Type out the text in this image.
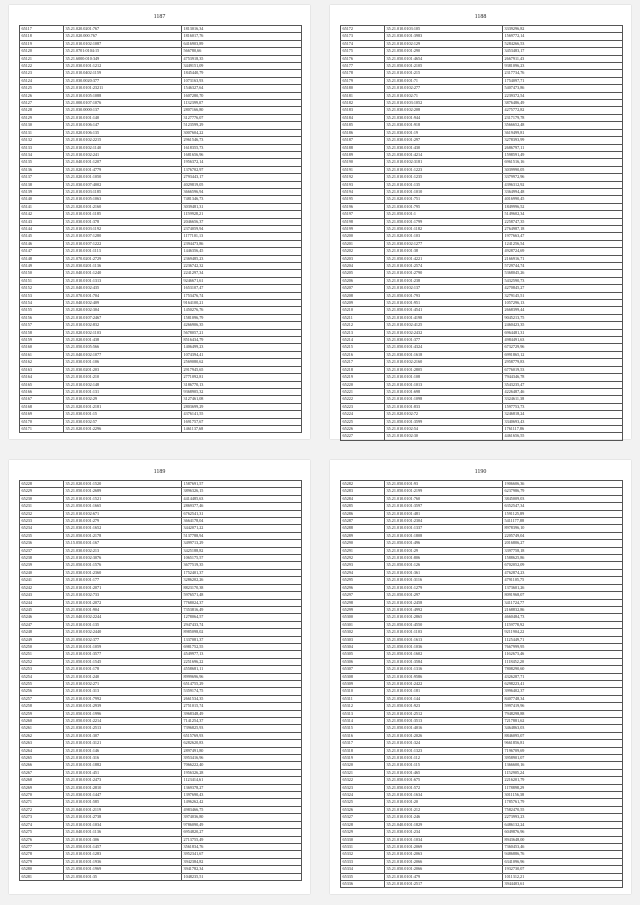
1187
65117	35.21.020.0201:767	1813016,34
65118	35.21.020.000.767	1816017,76
65119	35.21.010.0102:1087	6416903,89
65120	35.21.0701:0104:15	566780,66
65121	35.21.6000:010:349	4753918,35
65122	35.21.030.0101:1212	3449151,09
65123	35.21.010.0402:1159	1845440,79
65124	35.21.030.0020:377	1073163,93
65125	35.21.010.0101:23211	1546327,64
65126	35.21.010.0105:1088	1607280,70
65127	35.21.000.0107:1076	1132399,07
65128	35.21.030.0000:137	2807166,80
65129	35.21.010.0101:140	3127776,07
65130	35.21.010.0106:147	5123599,29
65131	35.21.020.0106:135	3007604,22
65132	35.21.010.0102:2215	2961546,73
65133	35.21.010.0102:1140	1618355,73
65134	35.21.010.0102:241	1681656,96
65135	35.21.040.0101:1207	1956372,14
65136	35.21.020.0101:4779	1376702,97
65137	35.21.020.0101:1050	2793443,17
65138	35.21.030.0107:4002	4029819,05
65139	35.21.010.0103:1185	3666596,94
65140	35.21.010.0105:1063	7481346,73
65141	35.21.020.0101:2160	3039481,31
65142	35.21.010.0101:1185	1159928,21
65143	35.21.030.0101:378	2046656,37
65144	35.21.010.0103:1192	2374059,94
65145	35.21.010.0107:1280	1177101,13
65146	35.21.010.0107:1222	2394473,86
65147	35.21.010.0101:1113	1446356,45
65148	35.21.070.0201:2729	2369485,23
65149	35.21.030.0201:1136	2236742,32
65150	35.21.040.0101:1240	2241297,34
65151	35.21.010.0101:1313	9246671,61
65152	35.21.040.0102:435	1653107,47
65153	35.21.070.0101:704	1753476,74
65154	35.21.040.0102:409	9164100,21
65155	35.21.020.0102:304	1450276,76
65156	35.21.010.0107:2467	1581096,79
65157	35.21.010.0102:832	4266906,35
65158	35.21.020.0102:1103	5678057,21
65159	35.21.020.0101:438	8516434,79
65160	35.21.050.0105:566	1406499,23
65161	35.21.040.0102:1077	1074394,41
65162	35.21.030.0101:106	2569080,62
65163	35.21.030.0201:203	2917945,65
65164	35.21.010.0101:210	2771092,81
65165	35.21.010.0102:148	3186770,13
65166	35.21.010.0101:131	9368905,32
65167	35.21.010.0102:29	3127461,08
65168	35.21.020.0101:2181	2803699,29
65169	35.21.030.0101:15	4376141,55
65170	35.21.030.0102:57	1691757,67
65171	35.21.020.0101:2296	1461137,68
1188
65172	35.21.010.0103:105	3339296,82
65173	35.21.030.0101:3983	1569772,14
65174	35.21.010.0102:129	5284266,53
65175	35.21.050.0101:290	3453483,17
65176	35.21.050.0101:4654	2667911,43
65177	35.21.050.0101:2105	9381096,23
65178	35.21.010.0101:215	2317734,76
65179	35.21.030.0101:71	1754097,71
65180	35.21.010.0102:277	5407473,86
65181	35.21.010.0102:71	2239372,54
65182	35.21.010.0103:1052	3876486,49
65183	35.21.030.0102:208	4275772,82
65184	35.21.030.0101:944	2317179,78
65185	35.21.030.0101:918	3566652,48
65186	35.21.030.0101:19	3619499,81
65187	35.21.030.0101:297	3278393,99
65188	35.21.030.0101:430	2686797,11
65189	35.21.030.0101:4214	1598591,49
65190	35.21.010.0102:3181	6961516,16
65191	35.21.010.0101:1223	3039990,05
65192	35.21.010.0101:1235	3379972,96
65193	35.21.010.0101:135	4396312,92
65194	35.21.010.0101:1010	3364994,48
65195	35.21.020.0101:751	4016990,45
65196	35.21.030.0101:795	1849996,52
65197	35.21.050.0101:1	5149602,34
65198	35.21.050.0101:1799	2258747,35
65199	35.21.050.0101:1182	2764987,18
65200	35.21.020.0101:103	1977663,47
65201	35.21.030.0102:1277	1241256,54
65202	35.21.010.0101:38	4928724,69
65203	35.21.050.0101:4221	2166916,71
65204	35.21.010.0101:2574	5729744,74
65205	35.21.010.0101:2790	5368045,26
65206	35.21.010.0101:238	5432590,73
65207	35.21.010.0102:137	4270845,27
65208	35.21.050.0101:793	3279145,51
65209	35.21.010.0101:951	1057296,13
65210	35.21.050.0101:4541	2668399,44
65211	35.21.010.0101:4198	9045213,75
65212	35.21.010.0102:4125	2460423,35
65213	35.21.010.0102:2432	6964481,31
65214	35.21.030.0101:377	4984491,63
65215	35.21.050.0101:4324	6732729,96
65216	35.21.030.0101:1618	6991865,12
65217	35.21.010.0102:2160	2958779,83
65218	35.21.010.0101:2805	6776019,53
65219	35.21.010.0101:108	7944346,78
65220	35.21.010.0101:1013	3543235,47
65221	35.21.010.0101:698	4226487,46
65222	35.21.010.0101:1098	3324611,38
65223	35.21.010.0101:833	1597753,73
65224	35.21.020.0102:72	3246818,24
65225	35.21.050.0101:3599	3340693,43
65226	35.21.010.0102:54	1761117,86
65227	35.21.010.0102:30	4461656,55
1189
65228	35.21.020.0101:1520	1587691,57
65229	35.21.050.0101:2689	3896326,15
65230	35.21.010.0101:1521	4414485,63
65231	35.21.050.0101:1665	2869377,46
65232	35.21.010.0102:671	6762541,31
65233	35.21.010.0101:279	3664178,04
65234	35.21.030.0101:1652	3442071,22
65235	35.21.050.0101:2178	5137788,94
65236	35.15.050.0101:167	3499713,29
65237	35.21.030.0102:213	3425188,82
65238	35.21.010.0102:3076	1065175,57
65239	35.21.050.0101:1576	3677519,35
65240	35.21.030.0101:2360	1752401,37
65241	35.21.010.0101:177	3286202,26
65242	35.21.010.0101:2071	8823170,38
65243	35.21.010.0102:733	5976571,48
65244	35.21.010.0101:2072	7768024,37
65245	35.21.030.0101:904	7353816,49
65246	35.21.040.0102:2244	1278064,57
65247	35.21.010.0101:135	2947433,74
65248	35.21.010.0102:2440	8985098,02
65249	35.21.050.0102:377	1337081,37
65250	35.21.010.0101:1059	6981752,55
65251	35.21.010.0101:3577	4549977,13
65252	35.21.050.0101:1545	2251696,22
65253	35.21.010.0101:178	4558681,11
65254	35.21.010.0101:240	8999696,96
65255	35.21.010.0102:271	6514755,29
65256	35.21.010.0101:313	5359174,75
65257	35.21.010.0101:7992	2661534,35
65258	35.21.030.0101:2939	2751015,74
65259	35.21.050.0101:1996	3968348,49
65260	35.21.050.0101:2214	7141254,37
65261	35.21.030.0101:2513	7396825,93
65262	35.21.010.0101:307	6515769,93
65263	35.21.010.0101:3121	6282620,83
65264	35.21.010.0101:146	2897491,80
65265	35.21.010.0101:316	3953416,96
65266	35.21.010.0101:1882	7066222,40
65267	35.21.010.0101:451	1956326,28
65268	35.21.010.0101:2473	1123414,61
65269	35.21.030.0101:2810	1369378,27
65270	35.21.030.0101:1447	1397690,43
65271	35.21.010.0101:585	1496262,42
65272	35.21.040.0101:2119	4983466,75
65273	35.21.010.0101:2738	3974036,80
65274	35.21.010.0101:1034	9786090,49
65275	35.21.040.0101:1136	6954820,27
65276	35.21.010.0101:306	2713755,49
65277	35.21.050.0101:1457	3561834,76
65278	35.21.010.0101:1283	3952341,67
65279	35.21.010.0101:1936	3942384,82
65280	35.21.050.0101:1969	3941782,34
65281	35.21.050.0101:35	1048235,51
1190
65282	35.21.050.0101:93	1906606,36
65283	35.21.050.0101:2199	6237986,79
65284	35.21.010.0101:760	3845009,03
65285	35.21.010.0101:3597	6352547,34
65286	35.21.010.0101:481	1591125,89
65287	35.21.010.0101:2304	5411177,88
65288	35.21.010.0101:1337	8978396,10
65289	35.21.010.0101:1808	2205749,04
65290	35.21.050.0101:496	2016806,27
65291	35.21.010.0101:29	3397758,18
65292	35.21.010.0101:806	1588625,86
65293	35.21.050.0101:126	6702052,09
65294	35.21.010.0101:361	4762874,23
65295	35.21.010.0101:3116	4791105,75
65296	35.21.010.0101:1279	1373601,26
65297	35.21.050.0101:297	8091968,07
65298	35.21.010.0101:2458	3411724,77
65299	35.21.010.0101:4992	2168832,86
65300	35.21.010.0101:2865	4660484,73
65301	35.21.050.0101:4550	1159778,92
65302	35.21.010.0101:1103	9211904,22
65303	35.21.050.0101:1613	1125449,71
65304	35.21.050.0101:1036	7667999,95
65305	35.21.050.0101:1602	1162673,46
65306	35.21.010.0101:3584	1118452,20
65307	35.21.010.0101:1316	7808290,60
65308	35.21.010.0101:9586	4326287,71
65309	35.21.010.0101:2422	6298223,41
65310	35.21.010.0101:181	3996402,37
65311	35.21.050.0101:144	8407748,34
65312	35.21.050.0101:923	5997419,96
65313	35.21.010.0101:2512	7948298,88
65314	35.21.050.0101:3513	7217881,62
65315	35.21.050.0101:4016	3464863,03
65316	35.21.010.0101:2026	8846095,07
65317	35.21.010.0101:324	9661856,81
65318	35.21.010.0101:1323	7196709,69
65319	35.21.010.0101:112	3958901,07
65320	35.21.010.0101:115	1366600,16
65321	35.21.010.0101:465	1152905,24
65322	35.21.050.0101:675	2216201,79
65323	35.21.050.0101:572	1178898,29
65324	35.21.010.0101:1634	3011156,38
65325	35.21.010.0101:20	1785761,79
65326	35.21.010.0101:212	7582470,55
65327	35.21.010.0101:246	2273993,23
65328	35.21.040.0101:1829	6486132,24
65329	35.21.030.0101:234	6049876,96
65330	35.21.010.0101:1034	8943648,00
65331	35.21.010.0101:2069	7360453,46
65332	35.21.010.0101:2063	9486886,76
65333	35.21.010.0101:2066	6341096,96
65334	35.21.050.0101:2066	1932730,07
65335	35.21.010.0101:479	1011312,21
65336	35.21.010.0101:2517	3944403,61
